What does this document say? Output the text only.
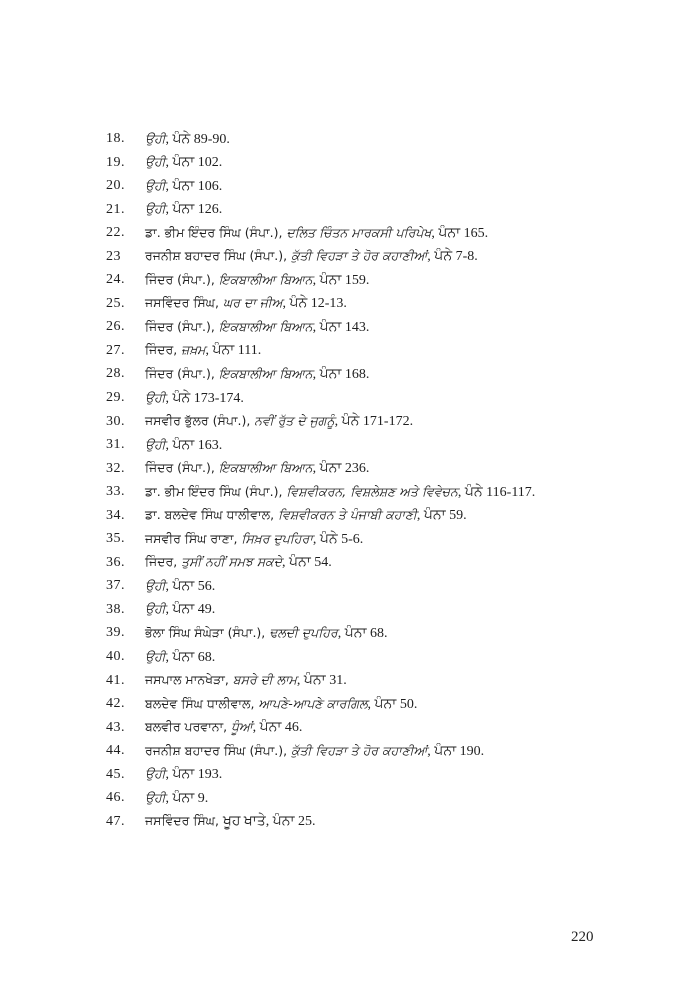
18.	ਉਹੀ, ਪੰਨੇ 89-90.
19.	ਉਹੀ, ਪੰਨਾ 102.
20.	ਉਹੀ, ਪੰਨਾ 106.
21.	ਉਹੀ, ਪੰਨਾ 126.
22.	ਡਾ. ਭੀਮ ਇੰਦਰ ਸਿੰਘ (ਸੰਪਾ.), ਦਲਿਤ ਚਿੰਤਨ ਮਾਰਕਸੀ ਪਰਿਪੇਖ, ਪੰਨਾ 165.
23	ਰਜਨੀਸ਼ ਬਹਾਦਰ ਸਿੰਘ (ਸੰਪਾ.), ਕੁੱਤੀ ਵਿਹੜਾ ਤੇ ਹੋਰ ਕਹਾਣੀਆਂ, ਪੰਨੇ 7-8.
24.	ਜਿੰਦਰ (ਸੰਪਾ.), ਇਕਬਾਲੀਆ ਬਿਆਨ, ਪੰਨਾ 159.
25.	ਜਸਵਿੰਦਰ ਸਿੰਘ, ਘਰ ਦਾ ਜੀਅ, ਪੰਨੇ 12-13.
26.	ਜਿੰਦਰ (ਸੰਪਾ.), ਇਕਬਾਲੀਆ ਬਿਆਨ, ਪੰਨਾ 143.
27.	ਜਿੰਦਰ, ਜ਼ਖ਼ਮ, ਪੰਨਾ 111.
28.	ਜਿੰਦਰ (ਸੰਪਾ.), ਇਕਬਾਲੀਆ ਬਿਆਨ, ਪੰਨਾ 168.
29.	ਉਹੀ, ਪੰਨੇ 173-174.
30.	ਜਸਵੀਰ ਭੁੱਲਰ (ਸੰਪਾ.), ਨਵੀਂ ਰੁੱਤ ਦੇ ਜੁਗਨੂੰ, ਪੰਨੇ 171-172.
31.	ਉਹੀ, ਪੰਨਾ 163.
32.	ਜਿੰਦਰ (ਸੰਪਾ.), ਇਕਬਾਲੀਆ ਬਿਆਨ, ਪੰਨਾ 236.
33.	ਡਾ. ਭੀਮ ਇੰਦਰ ਸਿੰਘ (ਸੰਪਾ.), ਵਿਸ਼ਵੀਕਰਨ, ਵਿਸ਼ਲੇਸ਼ਣ ਅਤੇ ਵਿਵੇਚਨ, ਪੰਨੇ 116-117.
34.	ਡਾ. ਬਲਦੇਵ ਸਿੰਘ ਧਾਲੀਵਾਲ, ਵਿਸ਼ਵੀਕਰਨ ਤੇ ਪੰਜਾਬੀ ਕਹਾਣੀ, ਪੰਨਾ 59.
35.	ਜਸਵੀਰ ਸਿੰਘ ਰਾਣਾ, ਸਿਖ਼ਰ ਦੁਪਹਿਰਾ, ਪੰਨੇ 5-6.
36.	ਜਿੰਦਰ, ਤੁਸੀਂ ਨਹੀਂ ਸਮਝ ਸਕਦੇ, ਪੰਨਾ 54.
37.	ਉਹੀ, ਪੰਨਾ 56.
38.	ਉਹੀ, ਪੰਨਾ 49.
39.	ਭੋਲਾ ਸਿੰਘ ਸੰਘੇੜਾ (ਸੰਪਾ.), ਢਲਦੀ ਦੁਪਹਿਰ, ਪੰਨਾ 68.
40.	ਉਹੀ, ਪੰਨਾ 68.
41.	ਜਸਪਾਲ ਮਾਨਖੇੜਾ, ਬਸਰੇ ਦੀ ਲਾਮ, ਪੰਨਾ 31.
42.	ਬਲਦੇਵ ਸਿੰਘ ਧਾਲੀਵਾਲ, ਆਪਣੇ-ਆਪਣੇ ਕਾਰਗਿਲ, ਪੰਨਾ 50.
43.	ਬਲਵੀਰ ਪਰਵਾਨਾ, ਧੂੰਆਂ, ਪੰਨਾ 46.
44.	ਰਜਨੀਸ਼ ਬਹਾਦਰ ਸਿੰਘ (ਸੰਪਾ.), ਕੁੱਤੀ ਵਿਹੜਾ ਤੇ ਹੋਰ ਕਹਾਣੀਆਂ, ਪੰਨਾ 190.
45.	ਉਹੀ, ਪੰਨਾ 193.
46.	ਉਹੀ, ਪੰਨਾ 9.
47.	ਜਸਵਿੰਦਰ ਸਿੰਘ, ਖੂਹ ਖਾਤੇ, ਪੰਨਾ 25.
220
